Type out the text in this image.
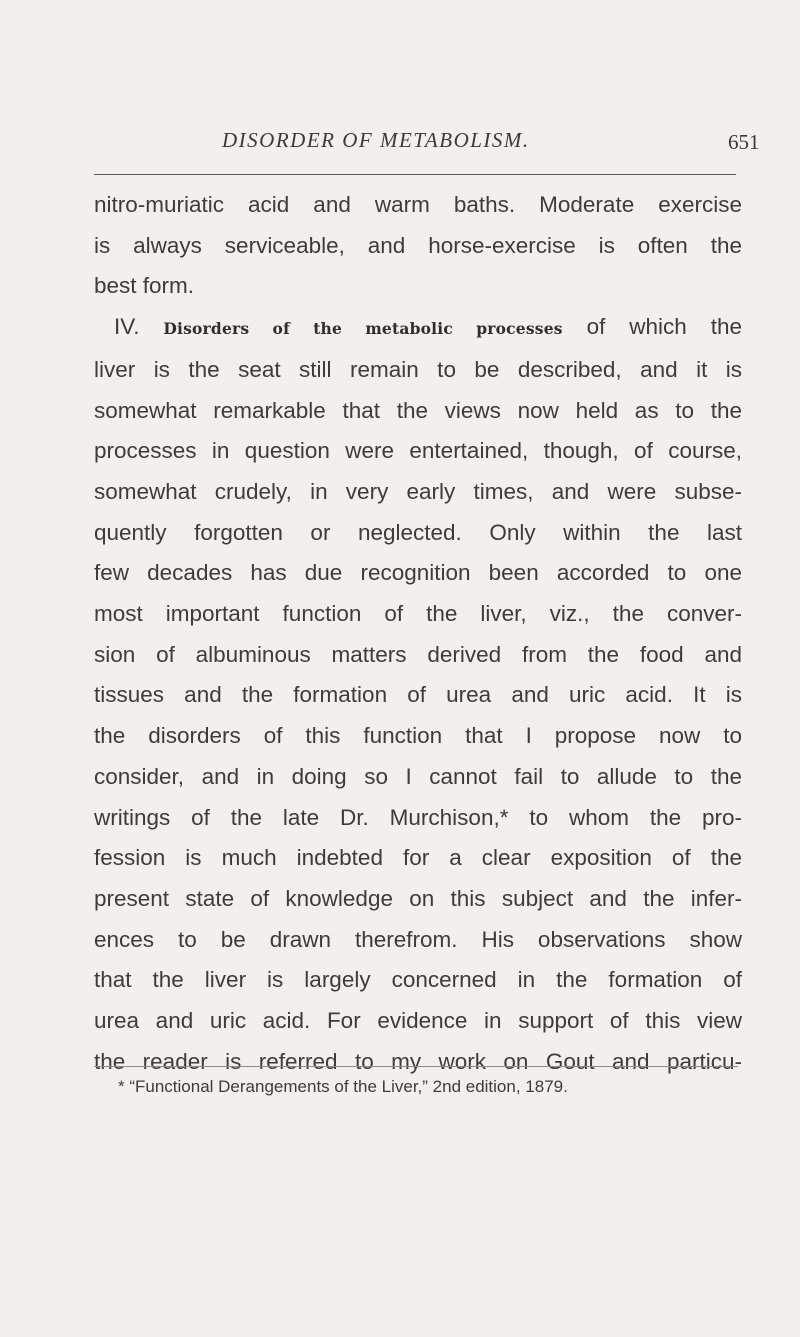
DISORDER OF METABOLISM.	651
nitro-muriatic acid and warm baths. Moderate exercise
is always serviceable, and horse-exercise is often the
best form.
IV. Disorders of the metabolic processes of which the
liver is the seat still remain to be described, and it is
somewhat remarkable that the views now held as to the
processes in question were entertained, though, of course,
somewhat crudely, in very early times, and were subse-
quently forgotten or neglected. Only within the last
few decades has due recognition been accorded to one
most important function of the liver, viz., the conver-
sion of albuminous matters derived from the food and
tissues and the formation of urea and uric acid. It is
the disorders of this function that I propose now to
consider, and in doing so I cannot fail to allude to the
writings of the late Dr. Murchison,* to whom the pro-
fession is much indebted for a clear exposition of the
present state of knowledge on this subject and the infer-
ences to be drawn therefrom. His observations show
that the liver is largely concerned in the formation of
urea and uric acid. For evidence in support of this view
the reader is referred to my work on Gout and particu-
* “Functional Derangements of the Liver,” 2nd edition, 1879.
